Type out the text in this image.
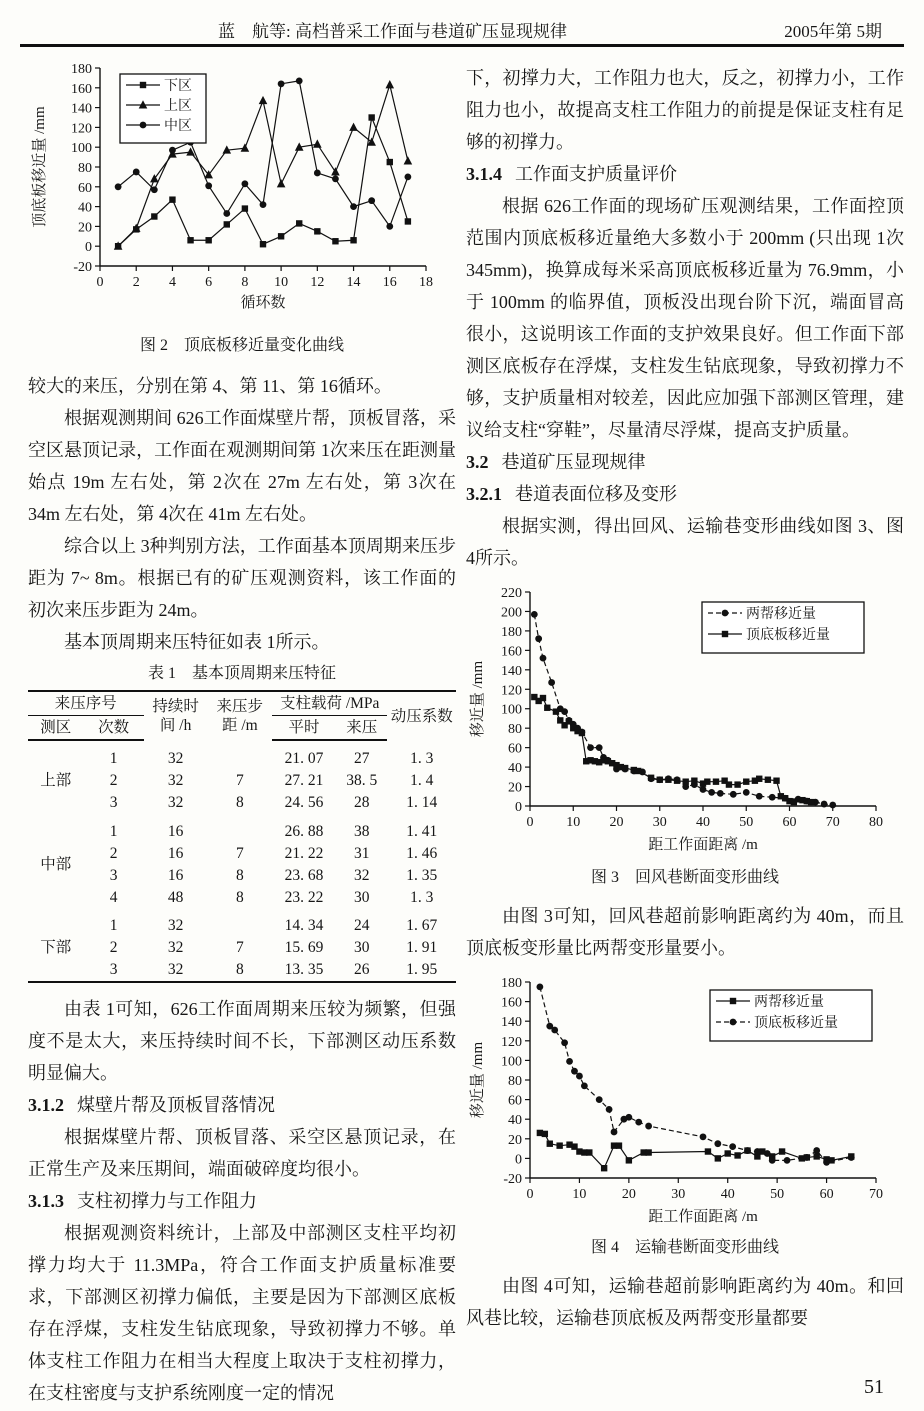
蓝　航等: 高档普采工作面与巷道矿压显现规律	2005年第 5期
0 2 4 6 8 10 12 14 16 18
-20
0
20
40
60
80
100
120
140
160
180
循环数
顶底板移近量 /mm
下区
上区
中区

图 2　顶底板移近量变化曲线

较大的来压，分别在第 4、第 11、第 16循环。

根据观测期间 626工作面煤壁片帮，顶板冒落，采空区悬顶记录，工作面在观测期间第 1次来压在距测量始点 19m 左右处，第 2次在 27m 左右处，第 3次在 34m 左右处，第 4次在 41m 左右处。

综合以上 3种判别方法，工作面基本顶周期来压步距为 7~ 8m。根据已有的矿压观测资料，该工作面的初次来压步距为 24m。

基本顶周期来压特征如表 1所示。

表 1　基本顶周期来压特征

来压序号		持续时
间 /h	来压步
距 /m	支柱载荷 /MPa		动压系数
测区	次数			平时	来压	
上部	1	32		21. 07	27	1. 3
	2	32	7	27. 21	38. 5	1. 4
	3	32	8	24. 56	28	1. 14
中部	1	16		26. 88	38	1. 41
	2	16	7	21. 22	31	1. 46
	3	16	8	23. 68	32	1. 35
	4	48	8	23. 22	30	1. 3
下部	1	32		14. 34	24	1. 67
	2	32	7	15. 69	30	1. 91
	3	32	8	13. 35	26	1. 95

由表 1可知，626工作面周期来压较为频繁，但强度不是太大，来压持续时间不长，下部测区动压系数明显偏大。

3.1.2 煤壁片帮及顶板冒落情况

根据煤壁片帮、顶板冒落、采空区悬顶记录，在正常生产及来压期间，端面破碎度均很小。

3.1.3 支柱初撑力与工作阻力

根据观测资料统计，上部及中部测区支柱平均初撑力均大于 11.3MPa，符合工作面支护质量标准要求，下部测区初撑力偏低，主要是因为下部测区底板存在浮煤，支柱发生钻底现象，导致初撑力不够。单体支柱工作阻力在相当大程度上取决于支柱初撑力，在支柱密度与支护系统刚度一定的情况

下，初撑力大，工作阻力也大，反之，初撑力小，工作阻力也小，故提高支柱工作阻力的前提是保证支柱有足够的初撑力。

3.1.4 工作面支护质量评价

根据 626工作面的现场矿压观测结果，工作面控顶范围内顶底板移近量绝大多数小于 200mm (只出现 1次 345mm)，换算成每米采高顶底板移近量为 76.9mm，小于 100mm 的临界值，顶板没出现台阶下沉，端面冒高很小，这说明该工作面的支护效果良好。但工作面下部测区底板存在浮煤，支柱发生钻底现象，导致初撑力不够，支护质量相对较差，因此应加强下部测区管理，建议给支柱“穿鞋”，尽量清尽浮煤，提高支护质量。

3.2 巷道矿压显现规律

3.2.1 巷道表面位移及变形

根据实测，得出回风、运输巷变形曲线如图 3、图 4所示。

0 10 20 30 40 50 60 70 80
0
20
40
60
80
100
120
140
160
180
200
220
距工作面距离 /m
移近量 /mm
两帮移近量
顶底板移近量

图 3　回风巷断面变形曲线

由图 3可知，回风巷超前影响距离约为 40m，而且顶底板变形量比两帮变形量要小。

0	10	20	30	40	50	60	70
-20
0
20
40
60
80
100
120
140
160
180
距工作面距离 /m
移近量 /mm
两帮移近量
顶底板移近量

图 4　运输巷断面变形曲线

由图 4可知，运输巷超前影响距离约为 40m。和回风巷比较，运输巷顶底板及两帮变形量都要

51
